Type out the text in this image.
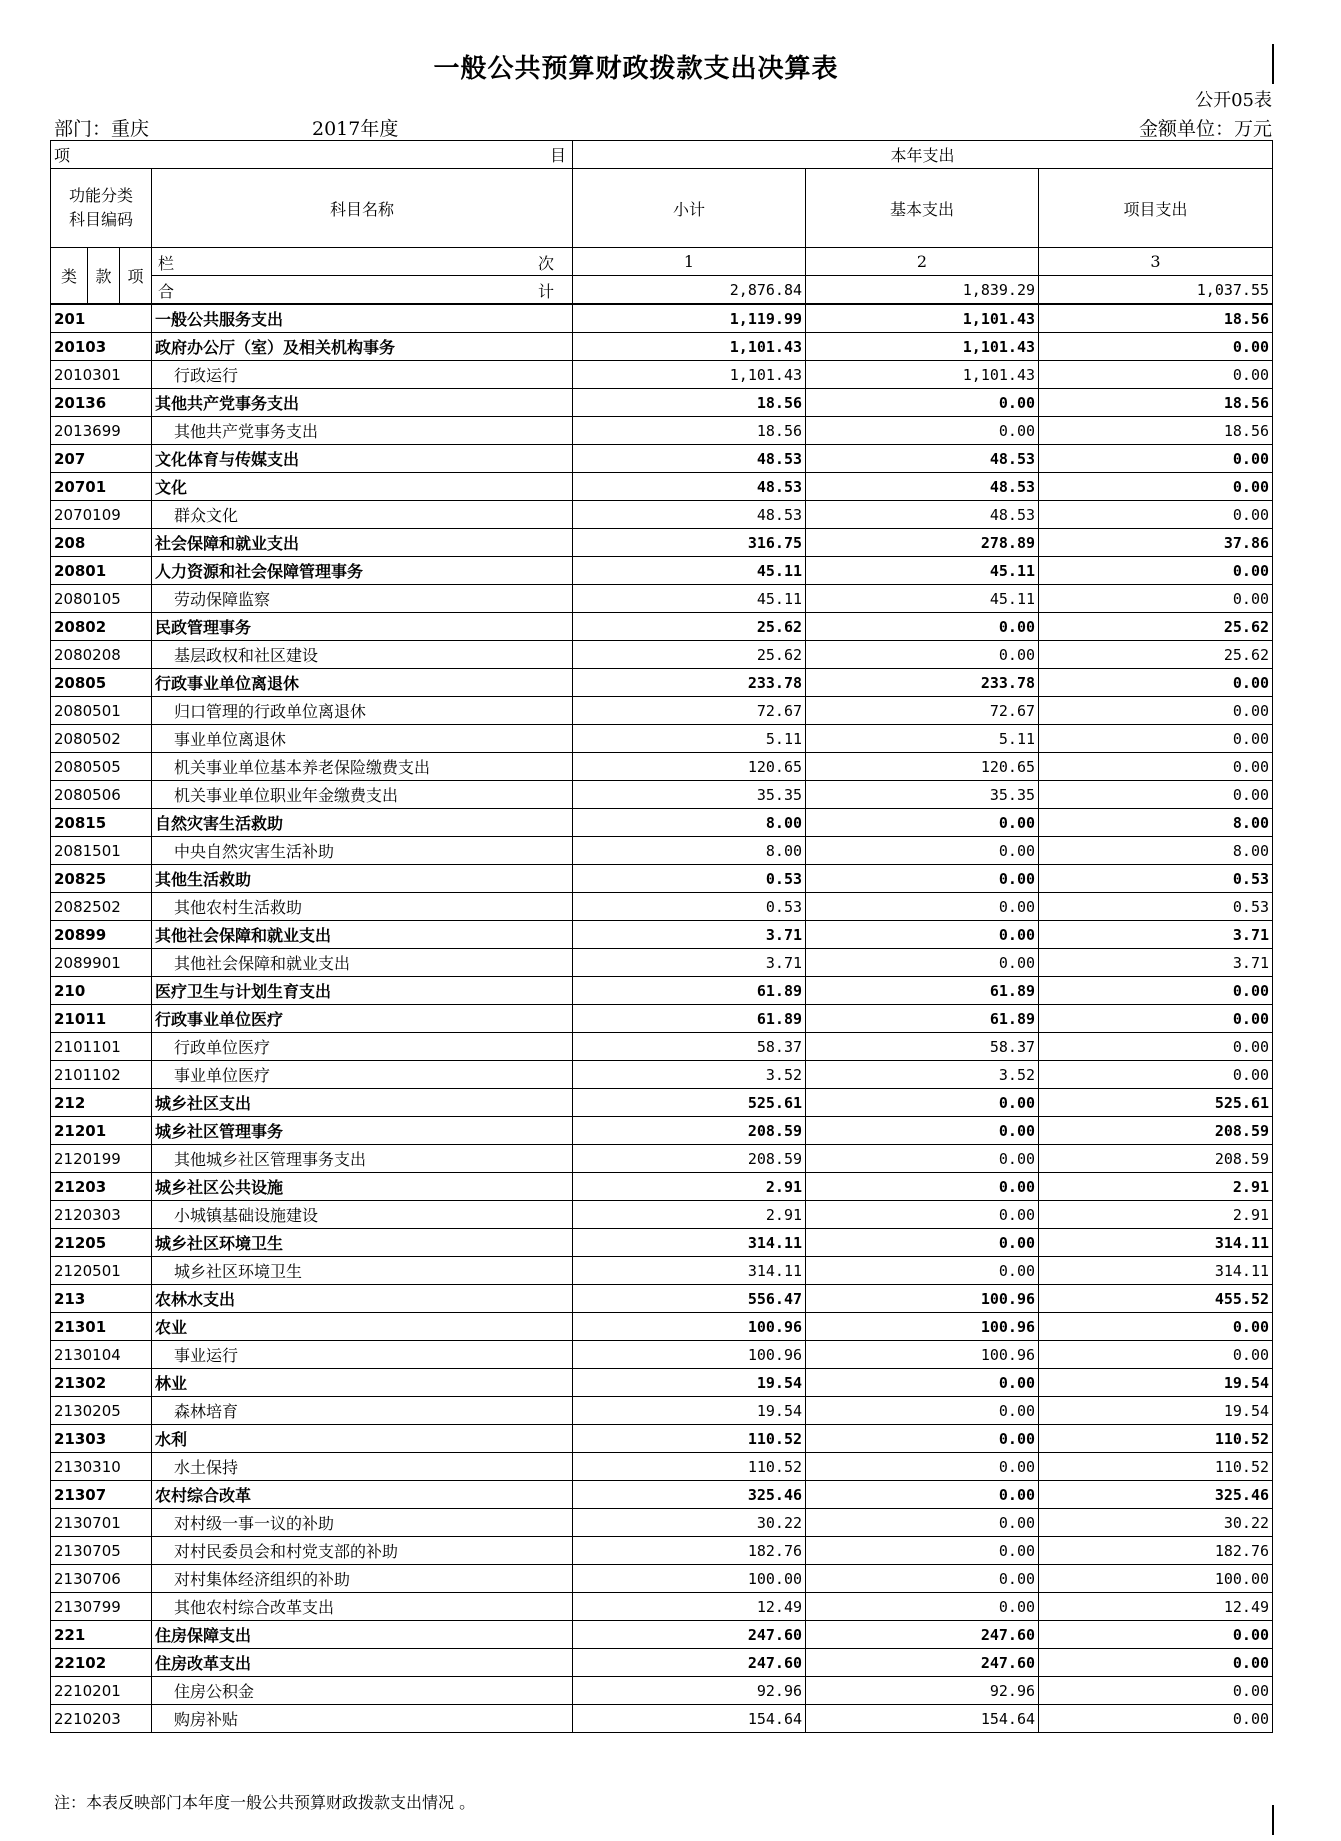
一般公共预算财政拨款支出决算表
公开05表
部门：重庆	2017年度	金额单位：万元
项 目				本年支出		
功能分类
科目编码			科目名称	小计	基本支出	项目支出
类	款	项	栏 次	1	2	3

			合 计	2,876.84	1,839.29	1,037.55
201			一般公共服务支出	1,119.99	1,101.43	18.56
20103			政府办公厅（室）及相关机构事务	1,101.43	1,101.43	0.00
2010301			行政运行	1,101.43	1,101.43	0.00
20136			其他共产党事务支出	18.56	0.00	18.56
2013699			其他共产党事务支出	18.56	0.00	18.56
207			文化体育与传媒支出	48.53	48.53	0.00
20701			文化	48.53	48.53	0.00
2070109			群众文化	48.53	48.53	0.00
208			社会保障和就业支出	316.75	278.89	37.86
20801			人力资源和社会保障管理事务	45.11	45.11	0.00
2080105			劳动保障监察	45.11	45.11	0.00
20802			民政管理事务	25.62	0.00	25.62
2080208			基层政权和社区建设	25.62	0.00	25.62
20805			行政事业单位离退休	233.78	233.78	0.00
2080501			归口管理的行政单位离退休	72.67	72.67	0.00
2080502			事业单位离退休	5.11	5.11	0.00
2080505			机关事业单位基本养老保险缴费支出	120.65	120.65	0.00
2080506			机关事业单位职业年金缴费支出	35.35	35.35	0.00
20815			自然灾害生活救助	8.00	0.00	8.00
2081501			中央自然灾害生活补助	8.00	0.00	8.00
20825			其他生活救助	0.53	0.00	0.53
2082502			其他农村生活救助	0.53	0.00	0.53
20899			其他社会保障和就业支出	3.71	0.00	3.71
2089901			其他社会保障和就业支出	3.71	0.00	3.71
210			医疗卫生与计划生育支出	61.89	61.89	0.00
21011			行政事业单位医疗	61.89	61.89	0.00
2101101			行政单位医疗	58.37	58.37	0.00
2101102			事业单位医疗	3.52	3.52	0.00
212			城乡社区支出	525.61	0.00	525.61
21201			城乡社区管理事务	208.59	0.00	208.59
2120199			其他城乡社区管理事务支出	208.59	0.00	208.59
21203			城乡社区公共设施	2.91	0.00	2.91
2120303			小城镇基础设施建设	2.91	0.00	2.91
21205			城乡社区环境卫生	314.11	0.00	314.11
2120501			城乡社区环境卫生	314.11	0.00	314.11
213			农林水支出	556.47	100.96	455.52
21301			农业	100.96	100.96	0.00
2130104			事业运行	100.96	100.96	0.00
21302			林业	19.54	0.00	19.54
2130205			森林培育	19.54	0.00	19.54
21303			水利	110.52	0.00	110.52
2130310			水土保持	110.52	0.00	110.52
21307			农村综合改革	325.46	0.00	325.46
2130701			对村级一事一议的补助	30.22	0.00	30.22
2130705			对村民委员会和村党支部的补助	182.76	0.00	182.76
2130706			对村集体经济组织的补助	100.00	0.00	100.00
2130799			其他农村综合改革支出	12.49	0.00	12.49
221			住房保障支出	247.60	247.60	0.00
22102			住房改革支出	247.60	247.60	0.00
2210201			住房公积金	92.96	92.96	0.00
2210203			购房补贴	154.64	154.64	0.00
注：本表反映部门本年度一般公共预算财政拨款支出情况 。
